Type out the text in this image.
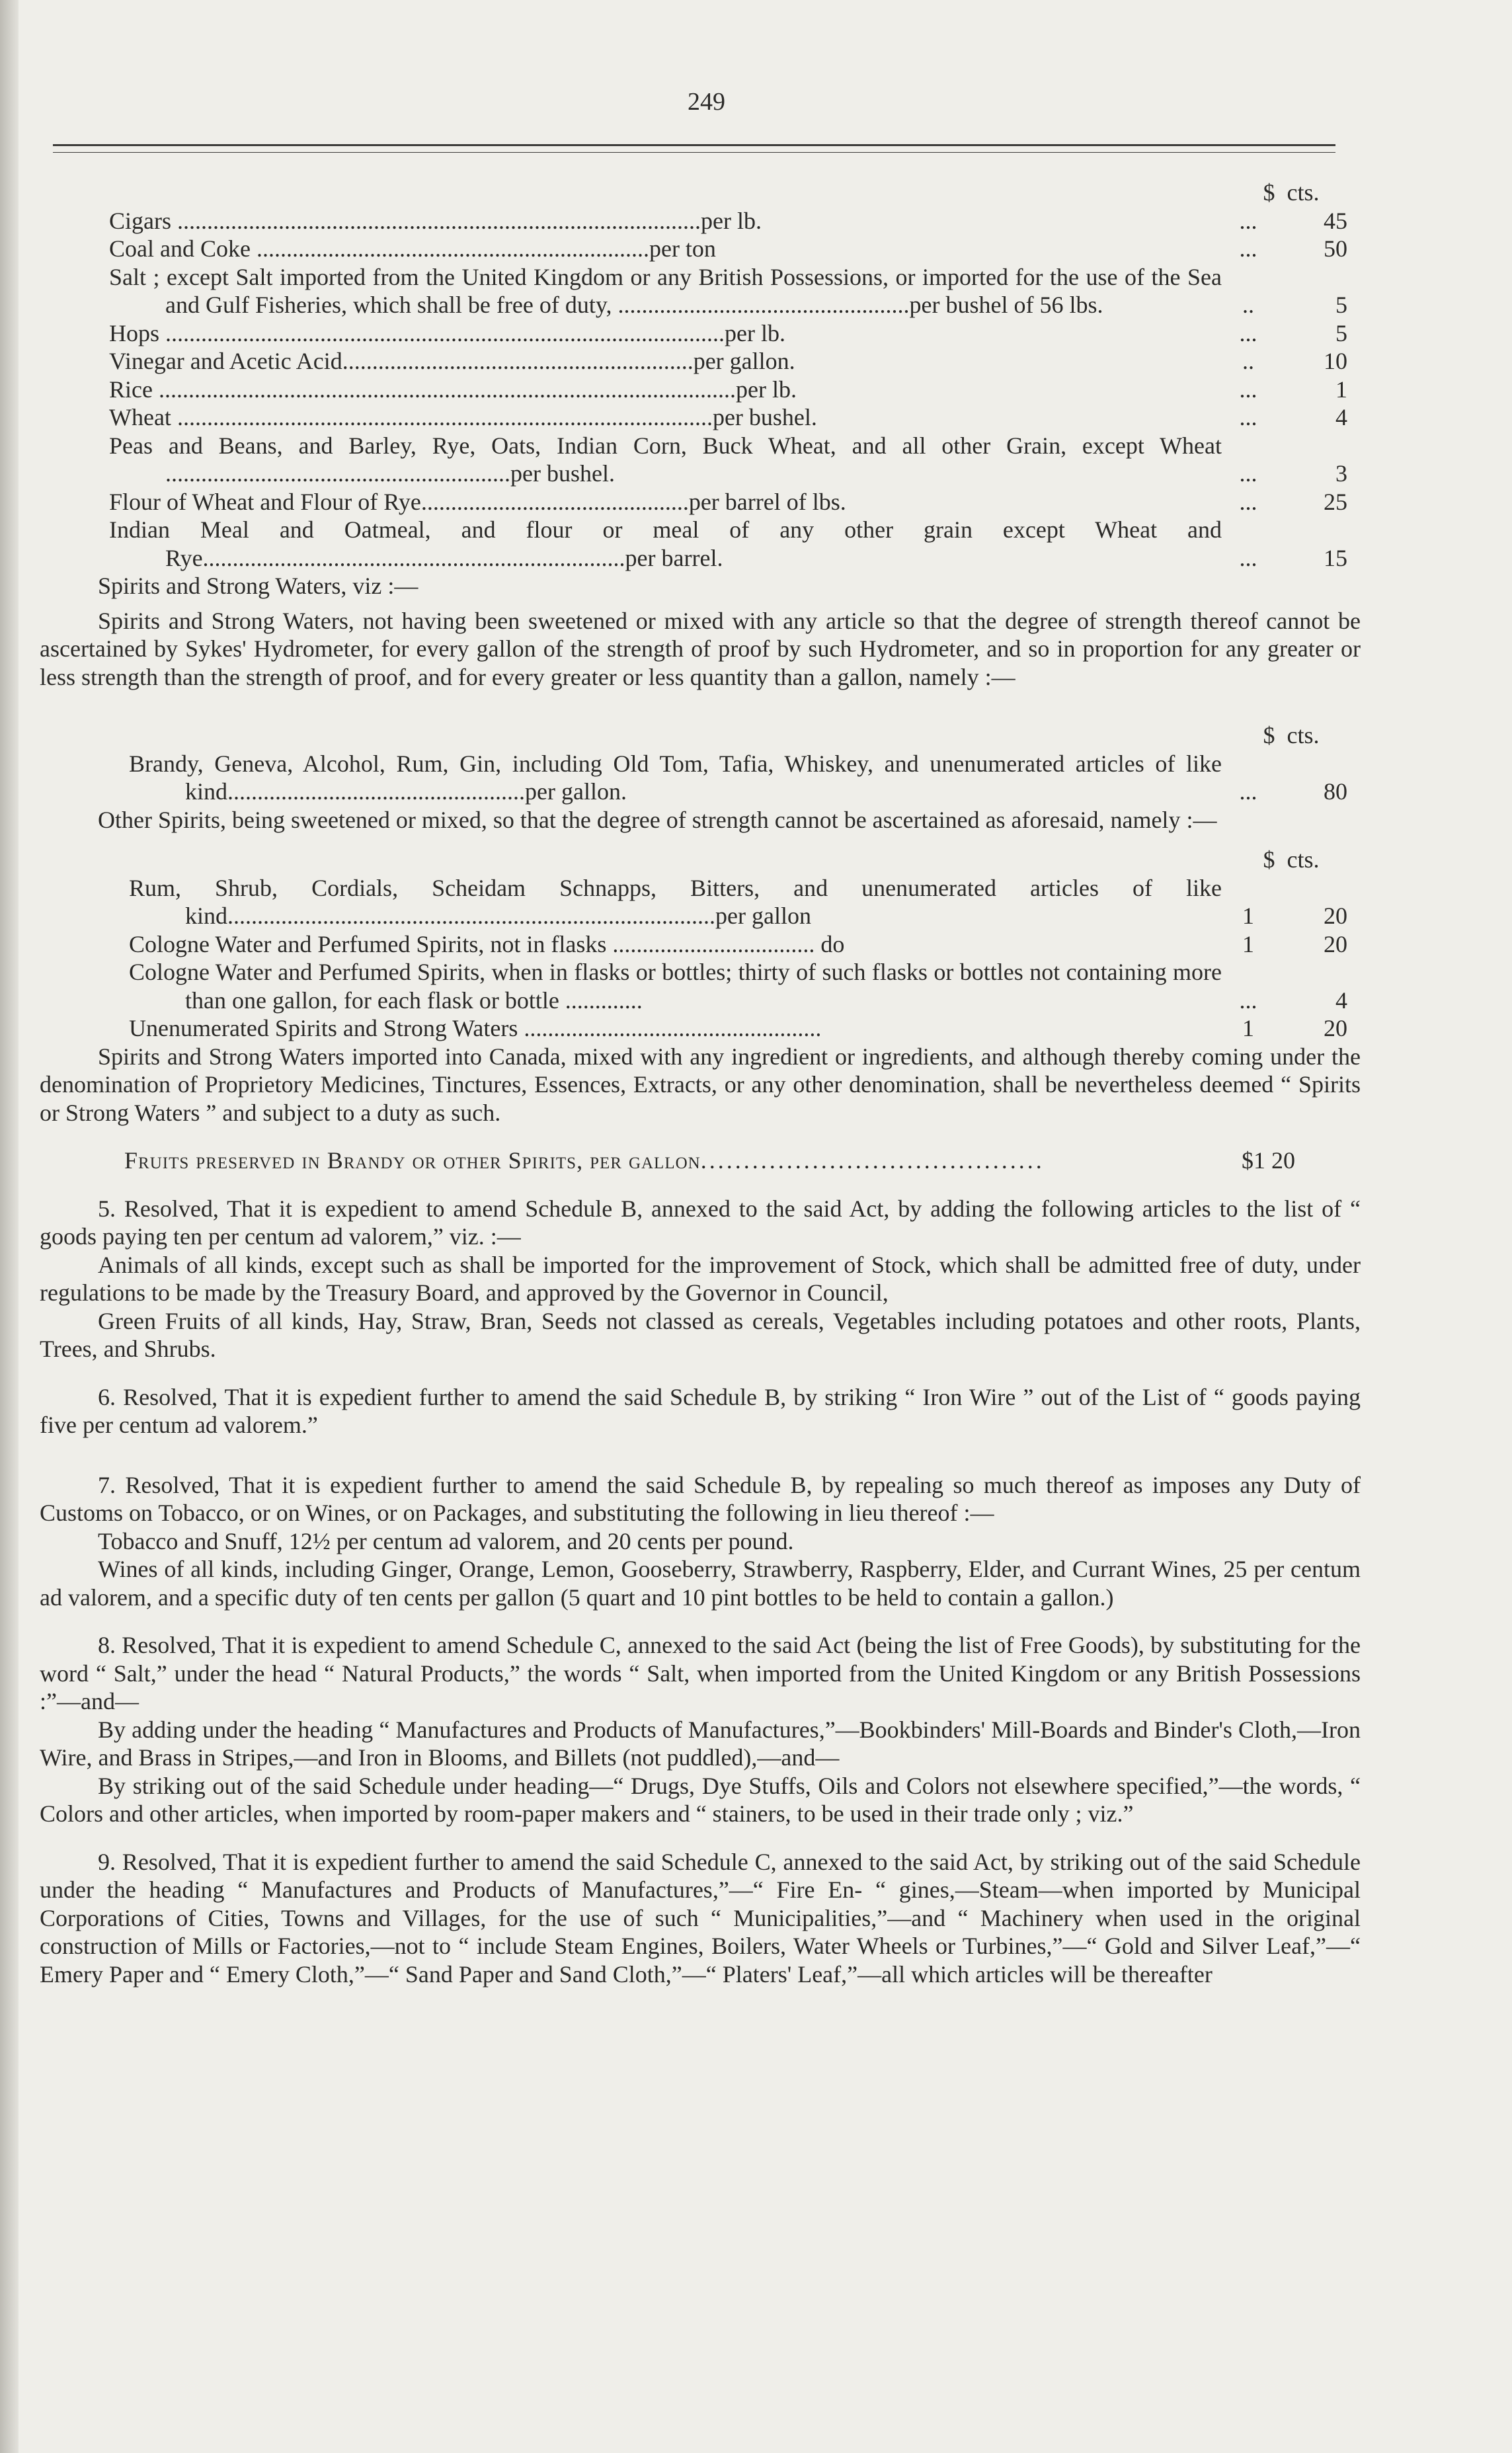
249
$ cts.
Cigars ........................................................................................per lb.	...	45
Coal and Coke ..................................................................per ton	...	50
Salt ; except Salt imported from the United Kingdom or any British Possessions, or imported for the use of the Sea and Gulf Fisheries, which shall be free of duty, .................................................per bushel of 56 lbs.	..	5
Hops ..............................................................................................per lb.	...	5
Vinegar and Acetic Acid...........................................................per gallon.	..	10
Rice .................................................................................................per lb.	...	1
Wheat ..........................................................................................per bushel.	...	4
Peas and Beans, and Barley, Rye, Oats, Indian Corn, Buck Wheat, and all other Grain, except Wheat ..........................................................per bushel.	...	3
Flour of Wheat and Flour of Rye.............................................per barrel of lbs.	...	25
Indian Meal and Oatmeal, and flour or meal of any other grain except Wheat and Rye.......................................................................per barrel.	...	15
Spirits and Strong Waters, viz :—

Spirits and Strong Waters, not having been sweetened or mixed with any article so that the degree of strength thereof cannot be ascertained by Sykes' Hydrometer, for every gallon of the strength of proof by such Hydrometer, and so in proportion for any greater or less strength than the strength of proof, and for every greater or less quantity than a gallon, namely :—

$ cts.
Brandy, Geneva, Alcohol, Rum, Gin, including Old Tom, Tafia, Whiskey, and unenumerated articles of like kind..................................................per gallon.	...	80

Other Spirits, being sweetened or mixed, so that the degree of strength cannot be ascertained as aforesaid, namely :—

$ cts.
Rum, Shrub, Cordials, Scheidam Schnapps, Bitters, and unenumerated articles of like kind..................................................................................per gallon	1	20
Cologne Water and Perfumed Spirits, not in flasks .................................. do	1	20
Cologne Water and Perfumed Spirits, when in flasks or bottles; thirty of such flasks or bottles not containing more than one gallon, for each flask or bottle .............	...	4
Unenumerated Spirits and Strong Waters ..................................................	1	20

Spirits and Strong Waters imported into Canada, mixed with any ingredient or ingredients, and although thereby coming under the denomination of Proprietory Medicines, Tinctures, Essences, Extracts, or any other denomination, shall be nevertheless deemed “ Spirits or Strong Waters ” and subject to a duty as such.

Fruits preserved in Brandy or other Spirits, per gallon ........................................	$1 20

5. Resolved, That it is expedient to amend Schedule B, annexed to the said Act, by adding the following articles to the list of “ goods paying ten per centum ad valorem,” viz. :—

Animals of all kinds, except such as shall be imported for the improvement of Stock, which shall be admitted free of duty, under regulations to be made by the Treasury Board, and approved by the Governor in Council,

Green Fruits of all kinds, Hay, Straw, Bran, Seeds not classed as cereals, Vegetables including potatoes and other roots, Plants, Trees, and Shrubs.

6. Resolved, That it is expedient further to amend the said Schedule B, by striking “ Iron Wire ” out of the List of “ goods paying five per centum ad valorem.”

7. Resolved, That it is expedient further to amend the said Schedule B, by repealing so much thereof as imposes any Duty of Customs on Tobacco, or on Wines, or on Packages, and substituting the following in lieu thereof :—

Tobacco and Snuff, 12½ per centum ad valorem, and 20 cents per pound.

Wines of all kinds, including Ginger, Orange, Lemon, Gooseberry, Strawberry, Raspberry, Elder, and Currant Wines, 25 per centum ad valorem, and a specific duty of ten cents per gallon (5 quart and 10 pint bottles to be held to contain a gallon.)

8. Resolved, That it is expedient to amend Schedule C, annexed to the said Act (being the list of Free Goods), by substituting for the word “ Salt,” under the head “ Natural Products,” the words “ Salt, when imported from the United Kingdom or any British Possessions :”—and—

By adding under the heading “ Manufactures and Products of Manufactures,”—Bookbinders' Mill-Boards and Binder's Cloth,—Iron Wire, and Brass in Stripes,—and Iron in Blooms, and Billets (not puddled),—and—

By striking out of the said Schedule under heading—“ Drugs, Dye Stuffs, Oils and Colors not elsewhere specified,”—the words, “ Colors and other articles, when imported by room-paper makers and “ stainers, to be used in their trade only ; viz.”

9. Resolved, That it is expedient further to amend the said Schedule C, annexed to the said Act, by striking out of the said Schedule under the heading “ Manufactures and Products of Manufactures,”—“ Fire En- “ gines,—Steam—when imported by Municipal Corporations of Cities, Towns and Villages, for the use of such “ Municipalities,”—and “ Machinery when used in the original construction of Mills or Factories,—not to “ include Steam Engines, Boilers, Water Wheels or Turbines,”—“ Gold and Silver Leaf,”—“ Emery Paper and “ Emery Cloth,”—“ Sand Paper and Sand Cloth,”—“ Platers' Leaf,”—all which articles will be thereafter
